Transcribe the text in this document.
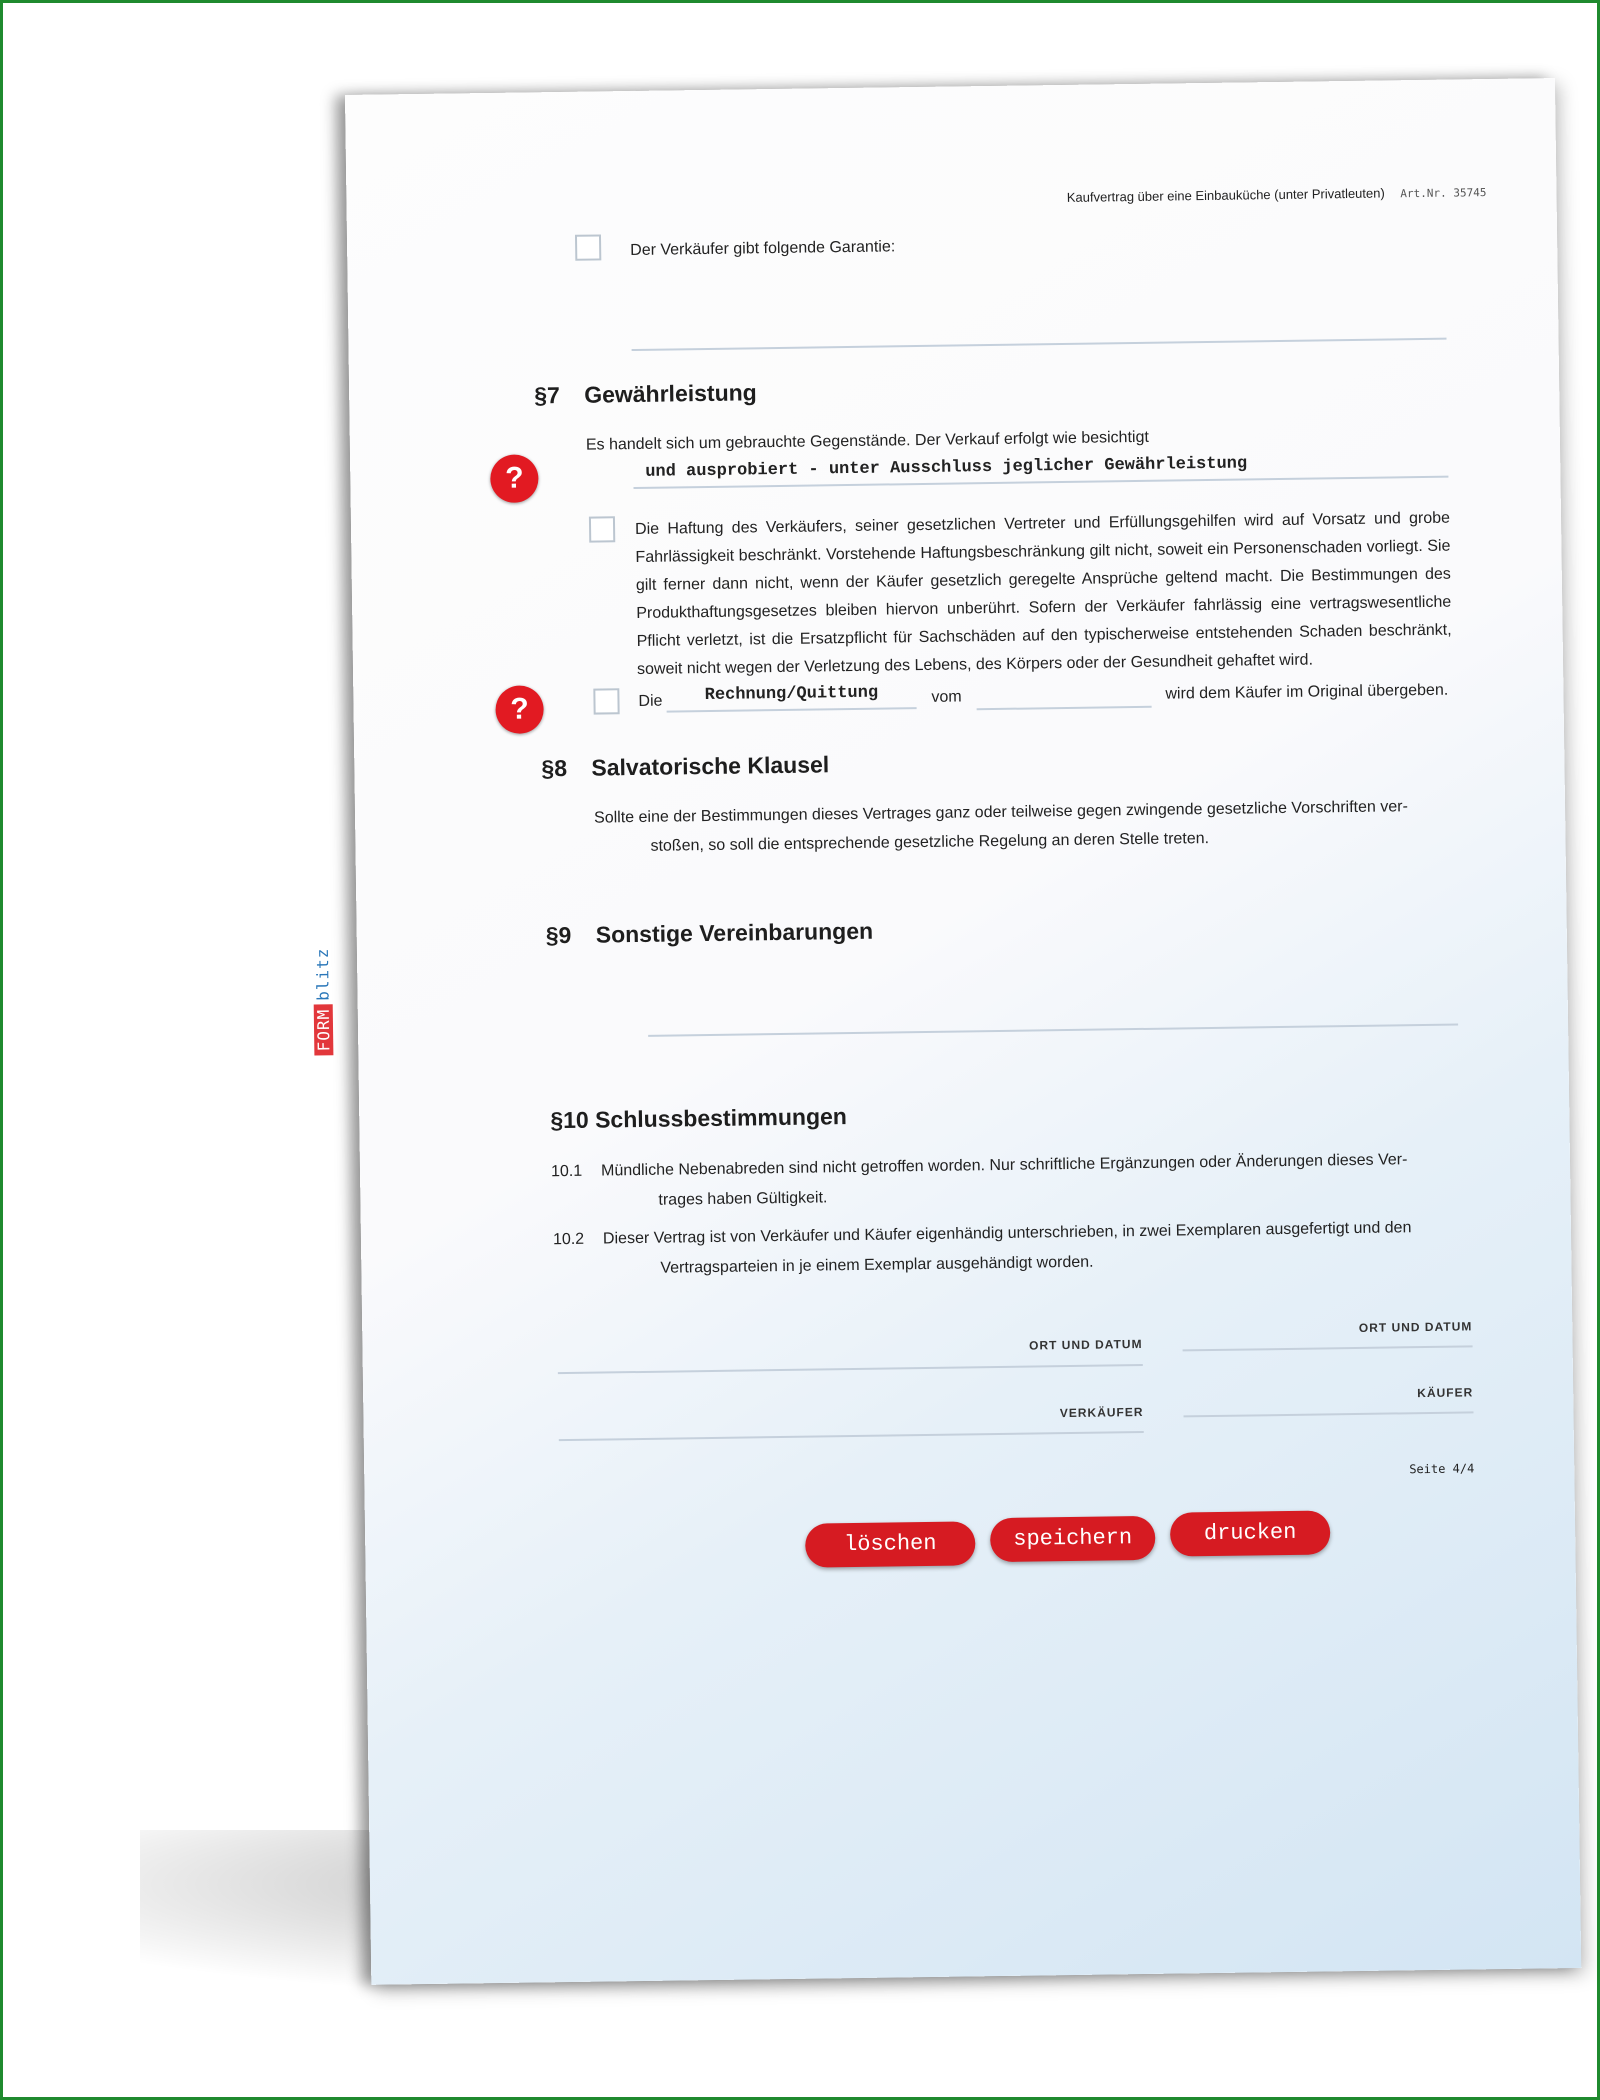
FORMblitz
Kaufvertrag über eine Einbauküche (unter Privatleuten) Art.Nr. 35745
Der Verkäufer gibt folgende Garantie:
§7 Gewährleistung
Es handelt sich um gebrauchte Gegenstände. Der Verkauf erfolgt wie besichtigt
?	und ausprobiert - unter Ausschluss jeglicher Gewährleistung
Die Haftung des Verkäufers, seiner gesetzlichen Vertreter und Erfüllungsgehilfen wird auf Vorsatz und grobe Fahrlässigkeit beschränkt. Vorstehende Haftungsbeschränkung gilt nicht, soweit ein Personenschaden vorliegt. Sie gilt ferner dann nicht, wenn der Käufer gesetzlich geregelte Ansprüche geltend macht. Die Bestimmungen des Produkthaftungsgesetzes bleiben hiervon unberührt. Sofern der Verkäufer fahrlässig eine vertragswesentliche Pflicht verletzt, ist die Ersatzpflicht für Sachschäden auf den typischerweise entstehenden Schaden beschränkt, soweit nicht wegen der Verletzung des Lebens, des Körpers oder der Gesundheit gehaftet wird.
?	Die	Rechnung/Quittung	vom	wird dem Käufer im Original übergeben.
§8 Salvatorische Klausel
Sollte eine der Bestimmungen dieses Vertrages ganz oder teilweise gegen zwingende gesetzliche Vorschriften ver-
stoßen, so soll die entsprechende gesetzliche Regelung an deren Stelle treten.
§9 Sonstige Vereinbarungen
§10 Schlussbestimmungen
10.1 Mündliche Nebenabreden sind nicht getroffen worden. Nur schriftliche Ergänzungen oder Änderungen dieses Ver-
trages haben Gültigkeit.
10.2 Dieser Vertrag ist von Verkäufer und Käufer eigenhändig unterschrieben, in zwei Exemplaren ausgefertigt und den
Vertragsparteien in je einem Exemplar ausgehändigt worden.
ORT UND DATUM
ORT UND DATUM
VERKÄUFER
KÄUFER
Seite 4/4
löschen	speichern	drucken
